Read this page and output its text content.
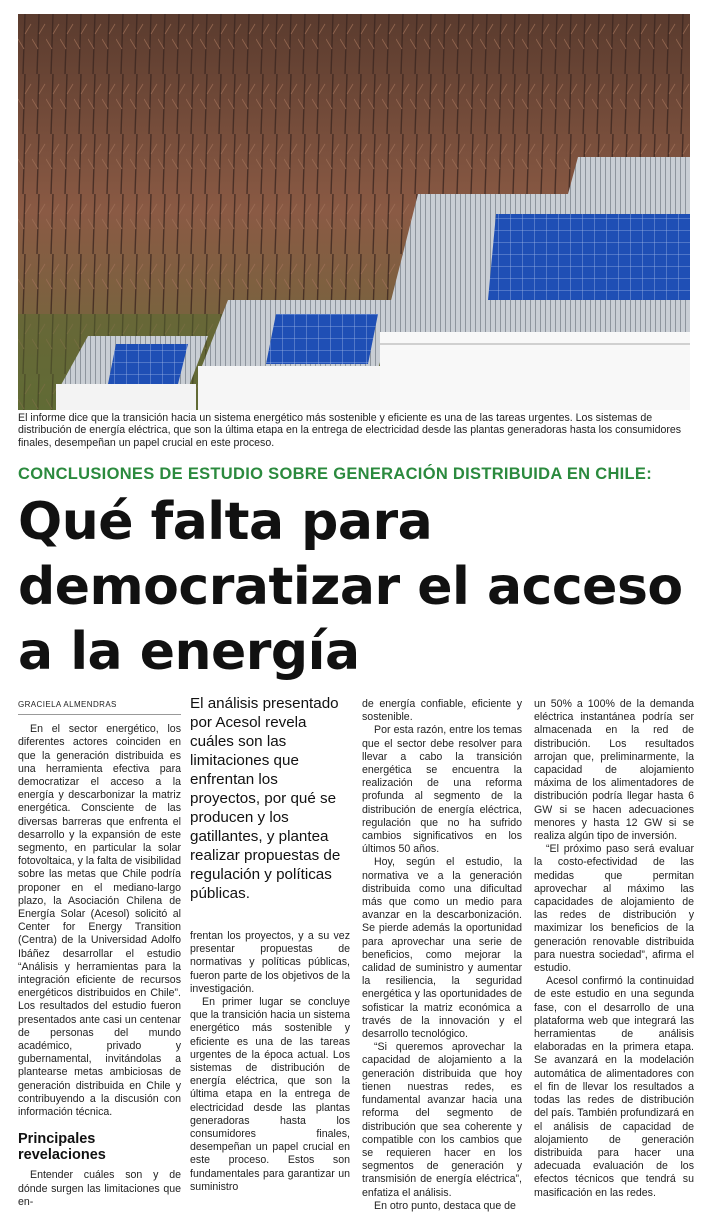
EL MERCURIO
El informe dice que la transición hacia un sistema energético más sostenible y eficiente es una de las tareas urgentes. Los sistemas de distribución de energía eléctrica, que son la última etapa en la entrega de electricidad desde las plantas generadoras hasta los consumidores finales, desempeñan un papel crucial en este proceso.
CONCLUSIONES DE ESTUDIO SOBRE GENERACIÓN DISTRIBUIDA EN CHILE:
Qué falta para democratizar el acceso a la energía

GRACIELA ALMENDRAS

En el sector energético, los diferentes actores coinciden en que la generación distribuida es una herramienta efectiva para democratizar el acceso a la energía y descarbonizar la matriz energética. Consciente de las diversas barreras que enfrenta el desarrollo y la expansión de este segmento, en particular la solar fotovoltaica, y la falta de visibilidad sobre las metas que Chile podría proponer en el mediano-largo plazo, la Asociación Chilena de Energía Solar (Acesol) solicitó al Center for Energy Transition (Centra) de la Universidad Adolfo Ibáñez desarrollar el estudio “Análisis y herramientas para la integración eficiente de recursos energéticos distribuidos en Chile”. Los resultados del estudio fueron presentados ante casi un centenar de personas del mundo académico, privado y gubernamental, invitándolas a plantearse metas ambiciosas de generación distribuida en Chile y contribuyendo a la discusión con información técnica.

Principales revelaciones

Entender cuáles son y de dónde surgen las limitaciones que en-

El análisis presentado por Acesol revela cuáles son las limitaciones que enfrentan los proyectos, por qué se producen y los gatillantes, y plantea realizar propuestas de regulación y políticas públicas.

frentan los proyectos, y a su vez presentar propuestas de normativas y políticas públicas, fueron parte de los objetivos de la investigación.

En primer lugar se concluye que la transición hacia un sistema energético más sostenible y eficiente es una de las tareas urgentes de la época actual. Los sistemas de distribución de energía eléctrica, que son la última etapa en la entrega de electricidad desde las plantas generadoras hasta los consumidores finales, desempeñan un papel crucial en este proceso. Estos son fundamentales para garantizar un suministro

de energía confiable, eficiente y sostenible.

Por esta razón, entre los temas que el sector debe resolver para llevar a cabo la transición energética se encuentra la realización de una reforma profunda al segmento de la distribución de energía eléctrica, regulación que no ha sufrido cambios significativos en los últimos 50 años.

Hoy, según el estudio, la normativa ve a la generación distribuida como una dificultad más que como un medio para avanzar en la descarbonización. Se pierde además la oportunidad para aprovechar una serie de beneficios, como mejorar la calidad de suministro y aumentar la resiliencia, la seguridad energética y las oportunidades de sofisticar la matriz económica a través de la innovación y el desarrollo tecnológico.

“Si queremos aprovechar la capacidad de alojamiento a la generación distribuida que hoy tienen nuestras redes, es fundamental avanzar hacia una reforma del segmento de distribución que sea coherente y compatible con los cambios que se requieren hacer en los segmentos de generación y transmisión de energía eléctrica”, enfatiza el análisis.

En otro punto, destaca que de

un 50% a 100% de la demanda eléctrica instantánea podría ser almacenada en la red de distribución. Los resultados arrojan que, preliminarmente, la capacidad de alojamiento máxima de los alimentadores de distribución podría llegar hasta 6 GW si se hacen adecuaciones menores y hasta 12 GW si se realiza algún tipo de inversión.

“El próximo paso será evaluar la costo-efectividad de las medidas que permitan aprovechar al máximo las capacidades de alojamiento de las redes de distribución y maximizar los beneficios de la generación renovable distribuida para nuestra sociedad”, afirma el estudio.

Acesol confirmó la continuidad de este estudio en una segunda fase, con el desarrollo de una plataforma web que integrará las herramientas de análisis elaboradas en la primera etapa. Se avanzará en la modelación automática de alimentadores con el fin de llevar los resultados a todas las redes de distribución del país. También profundizará en el análisis de capacidad de alojamiento de generación distribuida para hacer una adecuada evaluación de los efectos técnicos que tendrá su masificación en las redes.
